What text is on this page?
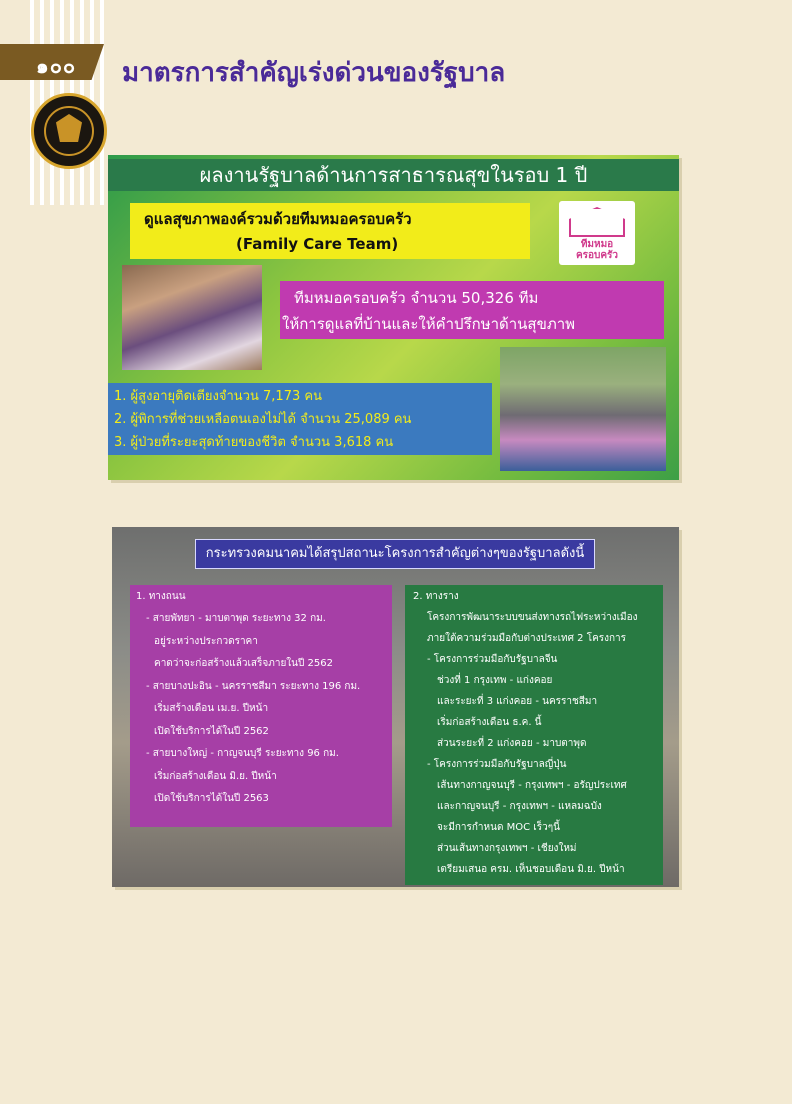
๑๐๐ มาตรการสำคัญเร่งด่วนของรัฐบาล
ผลงานรัฐบาลด้านการสาธารณสุขในรอบ 1 ปี
ดูแลสุขภาพองค์รวมด้วยทีมหมอครอบครัว
(Family Care Team)	ทีมหมอ
ครอบครัว
ทีมหมอครอบครัว จำนวน 50,326 ทีม
ให้การดูแลที่บ้านและให้คำปรึกษาด้านสุขภาพ
1. ผู้สูงอายุติดเตียงจำนวน 7,173 คน
2. ผู้พิการที่ช่วยเหลือตนเองไม่ได้ จำนวน 25,089 คน
3. ผู้ป่วยที่ระยะสุดท้ายของชีวิต จำนวน 3,618 คน
กระทรวงคมนาคมได้สรุปสถานะโครงการสำคัญต่างๆของรัฐบาลดังนี้
1. ทางถนน
- สายพัทยา - มาบตาพุด ระยะทาง 32 กม.
อยู่ระหว่างประกวดราคา
คาดว่าจะก่อสร้างแล้วเสร็จภายในปี 2562
- สายบางปะอิน - นครราชสีมา ระยะทาง 196 กม.
เริ่มสร้างเดือน เม.ย. ปีหน้า
เปิดใช้บริการได้ในปี 2562
- สายบางใหญ่ - กาญจนบุรี ระยะทาง 96 กม.
เริ่มก่อสร้างเดือน มิ.ย. ปีหน้า
เปิดใช้บริการได้ในปี 2563
2. ทางราง
โครงการพัฒนาระบบขนส่งทางรถไฟระหว่างเมือง
ภายใต้ความร่วมมือกับต่างประเทศ 2 โครงการ
- โครงการร่วมมือกับรัฐบาลจีน
ช่วงที่ 1 กรุงเทพ - แก่งคอย
และระยะที่ 3 แก่งคอย - นครราชสีมา
เริ่มก่อสร้างเดือน ธ.ค. นี้
ส่วนระยะที่ 2 แก่งคอย - มาบตาพุด
- โครงการร่วมมือกับรัฐบาลญี่ปุ่น
เส้นทางกาญจนบุรี - กรุงเทพฯ - อรัญประเทศ
และกาญจนบุรี - กรุงเทพฯ - แหลมฉบัง
จะมีการกำหนด MOC เร็วๆนี้
ส่วนเส้นทางกรุงเทพฯ - เชียงใหม่
เตรียมเสนอ ครม. เห็นชอบเดือน มิ.ย. ปีหน้า
